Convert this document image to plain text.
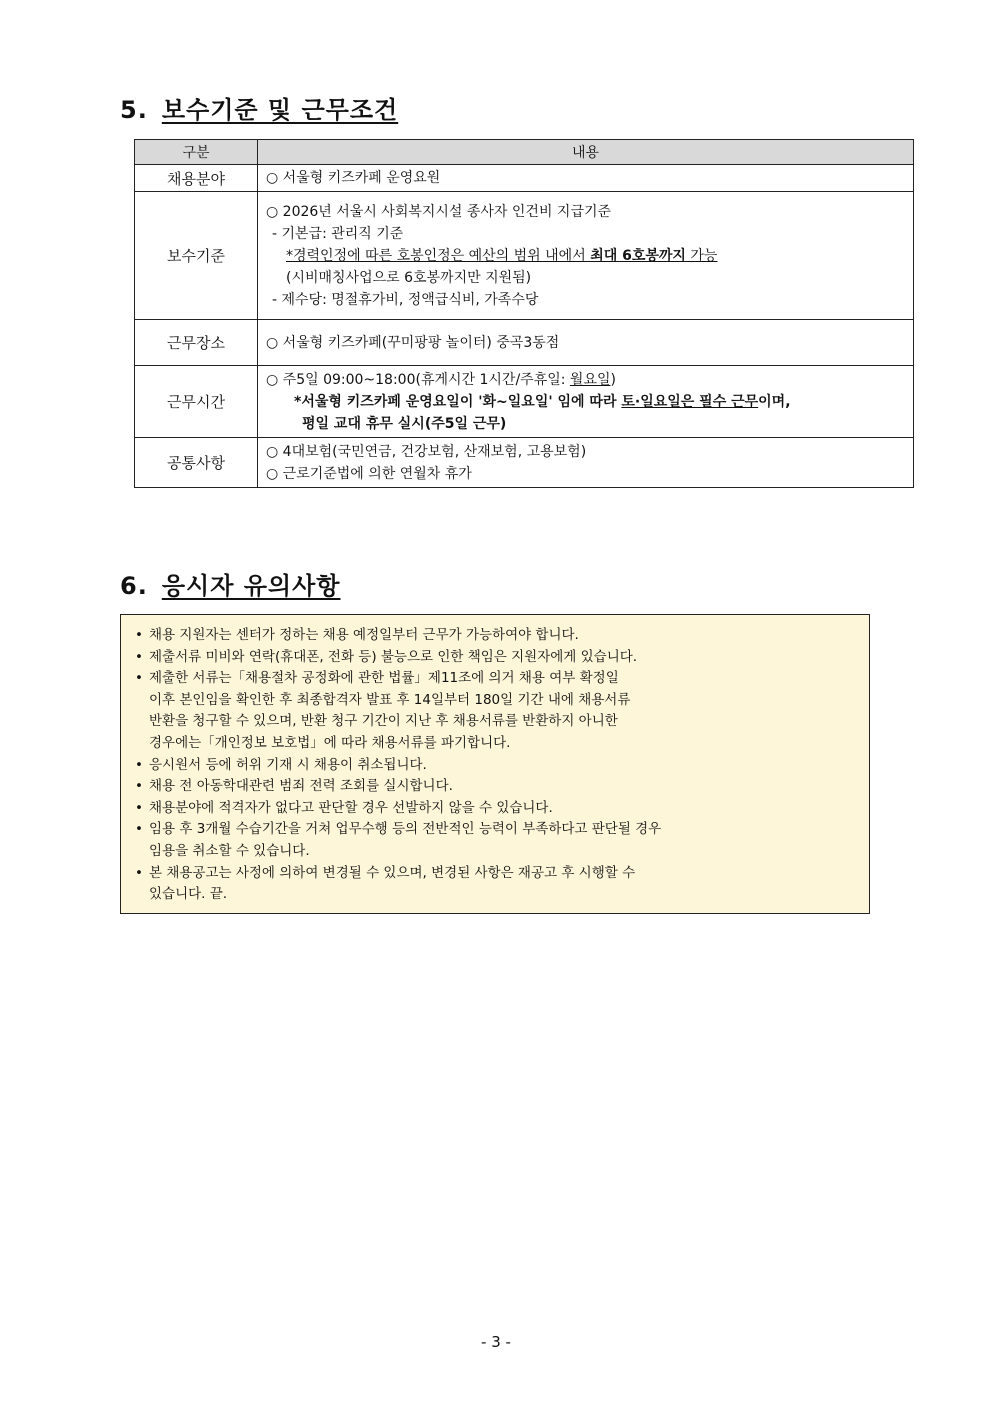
5. 보수기준 및 근무조건
구분	내용
채용분야	○ 서울형 키즈카페 운영요원

보수기준	○ 2026년 서울시 사회복지시설 종사자 인건비 지급기준
- 기본급: 관리직 기준
*경력인정에 따른 호봉인정은 예산의 범위 내에서 최대 6호봉까지 가능
(시비매칭사업으로 6호봉까지만 지원됨)
- 제수당: 명절휴가비, 정액급식비, 가족수당

근무장소	○ 서울형 키즈카페(꾸미팡팡 놀이터) 중곡3동점

근무시간	○ 주5일 09:00~18:00(휴게시간 1시간/주휴일: 월요일)
*서울형 키즈카페 운영요일이 '화~일요일' 임에 따라 토·일요일은 필수 근무이며,
평일 교대 휴무 실시(주5일 근무)

공통사항	○ 4대보험(국민연금, 건강보험, 산재보험, 고용보험)
○ 근로기준법에 의한 연월차 휴가
6. 응시자 유의사항
• 채용 지원자는 센터가 정하는 채용 예정일부터 근무가 가능하여야 합니다.
• 제출서류 미비와 연락(휴대폰, 전화 등) 불능으로 인한 책임은 지원자에게 있습니다.
• 제출한 서류는「채용절차 공정화에 관한 법률」제11조에 의거 채용 여부 확정일
이후 본인임을 확인한 후 최종합격자 발표 후 14일부터 180일 기간 내에 채용서류
반환을 청구할 수 있으며, 반환 청구 기간이 지난 후 채용서류를 반환하지 아니한
경우에는「개인정보 보호법」에 따라 채용서류를 파기합니다.
• 응시원서 등에 허위 기재 시 채용이 취소됩니다.
• 채용 전 아동학대관련 범죄 전력 조회를 실시합니다.
• 채용분야에 적격자가 없다고 판단할 경우 선발하지 않을 수 있습니다.
• 임용 후 3개월 수습기간을 거쳐 업무수행 등의 전반적인 능력이 부족하다고 판단될 경우
임용을 취소할 수 있습니다.
• 본 채용공고는 사정에 의하여 변경될 수 있으며, 변경된 사항은 재공고 후 시행할 수
있습니다. 끝.
- 3 -
